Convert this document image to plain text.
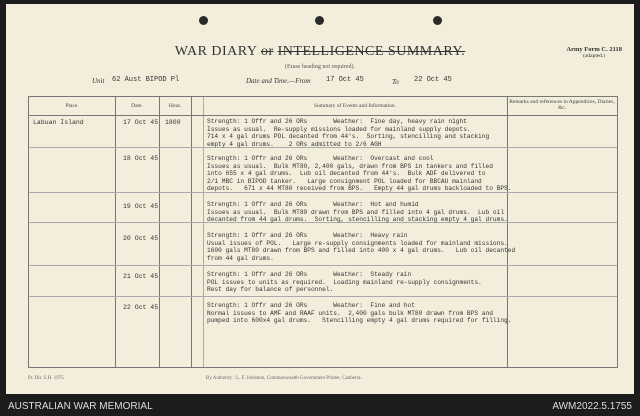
WAR DIARY or INTELLIGENCE SUMMARY.
(Erase heading not required).
Army Form C. 2118
(adapted.)
Unit 62 Aust BIPOD Pl	Date and Time.—From 17 Oct 45	To 22 Oct 45
Place.	Date.	Hour.	Summary of Events and Information.
Remarks and references to Appendices, Diaries, &c.
Labuan Island	17 Oct 45 1800	Strength: 1 Offr and 26 ORs       Weather:  Fine day, heavy rain night
Issues as usual.  Re-supply missions loaded for mainland supply depots.
714 x 4 gal drums POL decanted from 44's.  Sorting, stencilling and stacking
empty 4 gal drums.    2 ORs admitted to 2/6 AGH
18 Oct 45	Strength: 1 Offr and 26 ORs       Weather:  Overcast and cool
Issues as usual.  Bulk MT80, 2,400 gals, drawn from BPS in tankers and filled
into 655 x 4 gal drums.  Lub oil decanted from 44's.  Bulk ADF delivered to
2/1 MBC in BIPOD tanker.   Large consignment POL loaded for BBCAU mainland
depots.   671 x 44 MT80 received from BPS.   Empty 44 gal drums backloaded to BPS.
19 Oct 45	Strength: 1 Offr and 26 ORs       Weather:  Hot and humid
Issues as usual.  Bulk MT80 drawn from BPS and filled into 4 gal drums.  Lub oil
decanted from 44 gal drums.  Sorting, stencilling and stacking empty 4 gal drums.
20 Oct 45	Strength: 1 Offr and 26 ORs       Weather:  Heavy rain
Usual issues of POL.   Large re-supply consignments loaded for mainland missions.
1600 gals MT80 drawn from BPS and filled into 400 x 4 gal drums.   Lub oil decanted
from 44 gal drums.
21 Oct 45	Strength: 1 Offr and 26 ORs       Weather:  Steady rain
POL issues to units as required.  Loading mainland re-supply consignments.
Rest day for balance of personnel.
22 Oct 45	Strength: 1 Offr and 26 ORs       Weather:  Fine and hot
Normal issues to AMF and RAAF units.  2,400 gals bulk MT80 drawn from BPS and
pumped into 600x4 gal drums.   Stencilling empty 4 gal drums required for filling.
Pr. Dir. S.H. 1975	By Authority : L. F. Johnston, Commonwealth Government Printer, Canberra.
AUSTRALIAN WAR MEMORIAL	AWM2022.5.1755
